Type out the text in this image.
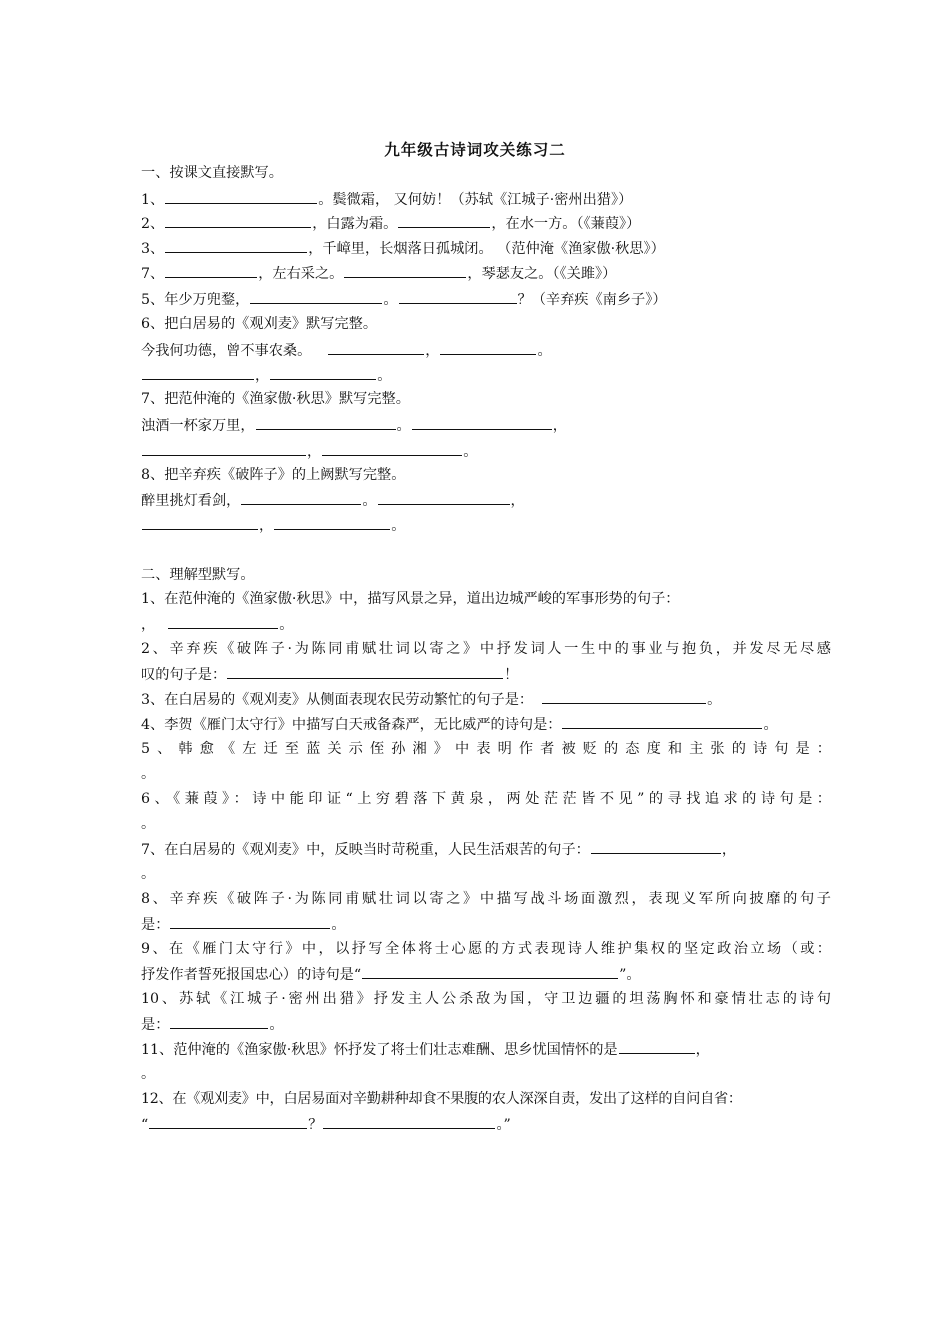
九年级古诗词攻关练习二
一、按课文直接默写。
1、	。鬓微霜， 又何妨！（苏轼《江城子·密州出猎》）
2、	，白露为霜。	，在水一方。（《蒹葭》）
3、	，千嶂里，长烟落日孤城闭。 （范仲淹《渔家傲·秋思》）
7、	，左右采之。	，琴瑟友之。（《关雎》）
5、年少万兜鍪，	。	？（辛弃疾《南乡子》）
6、把白居易的《观刈麦》默写完整。
今我何功德，曾不事农桑。	，	。
，	。
7、把范仲淹的《渔家傲·秋思》默写完整。
浊酒一杯家万里，	。	，
，	。
8、把辛弃疾《破阵子》的上阙默写完整。
醉里挑灯看剑，	。	，
，	。
二、理解型默写。
1、在范仲淹的《渔家傲·秋思》中，描写风景之异，道出边城严峻的军事形势的句子：
，	。
2、辛弃疾《破阵子·为陈同甫赋壮词以寄之》中抒发词人一生中的事业与抱负，并发尽无尽感
叹的句子是：	！
3、在白居易的《观刈麦》从侧面表现农民劳动繁忙的句子是：	。
4、李贺《雁门太守行》中描写白天戒备森严，无比威严的诗句是：	。
5、韩愈《左迁至蓝关示侄孙湘》中表明作者被贬的态度和主张的诗句是：
。
6、《蒹葭》：诗中能印证“上穷碧落下黄泉，两处茫茫皆不见”的寻找追求的诗句是：
。
7、在白居易的《观刈麦》中，反映当时苛税重，人民生活艰苦的句子：	，
。
8、辛弃疾《破阵子·为陈同甫赋壮词以寄之》中描写战斗场面激烈，表现义军所向披靡的句子
是：	。
9、在《雁门太守行》中，以抒写全体将士心愿的方式表现诗人维护集权的坚定政治立场（或：
抒发作者誓死报国忠心）的诗句是“	”。
10、苏轼《江城子·密州出猎》抒发主人公杀敌为国，守卫边疆的坦荡胸怀和豪情壮志的诗句
是：	。
11、范仲淹的《渔家傲·秋思》怀抒发了将士们壮志难酬、思乡忧国情怀的是	，
。
12、在《观刈麦》中，白居易面对辛勤耕种却食不果腹的农人深深自责，发出了这样的自问自省：
“	？	。”
